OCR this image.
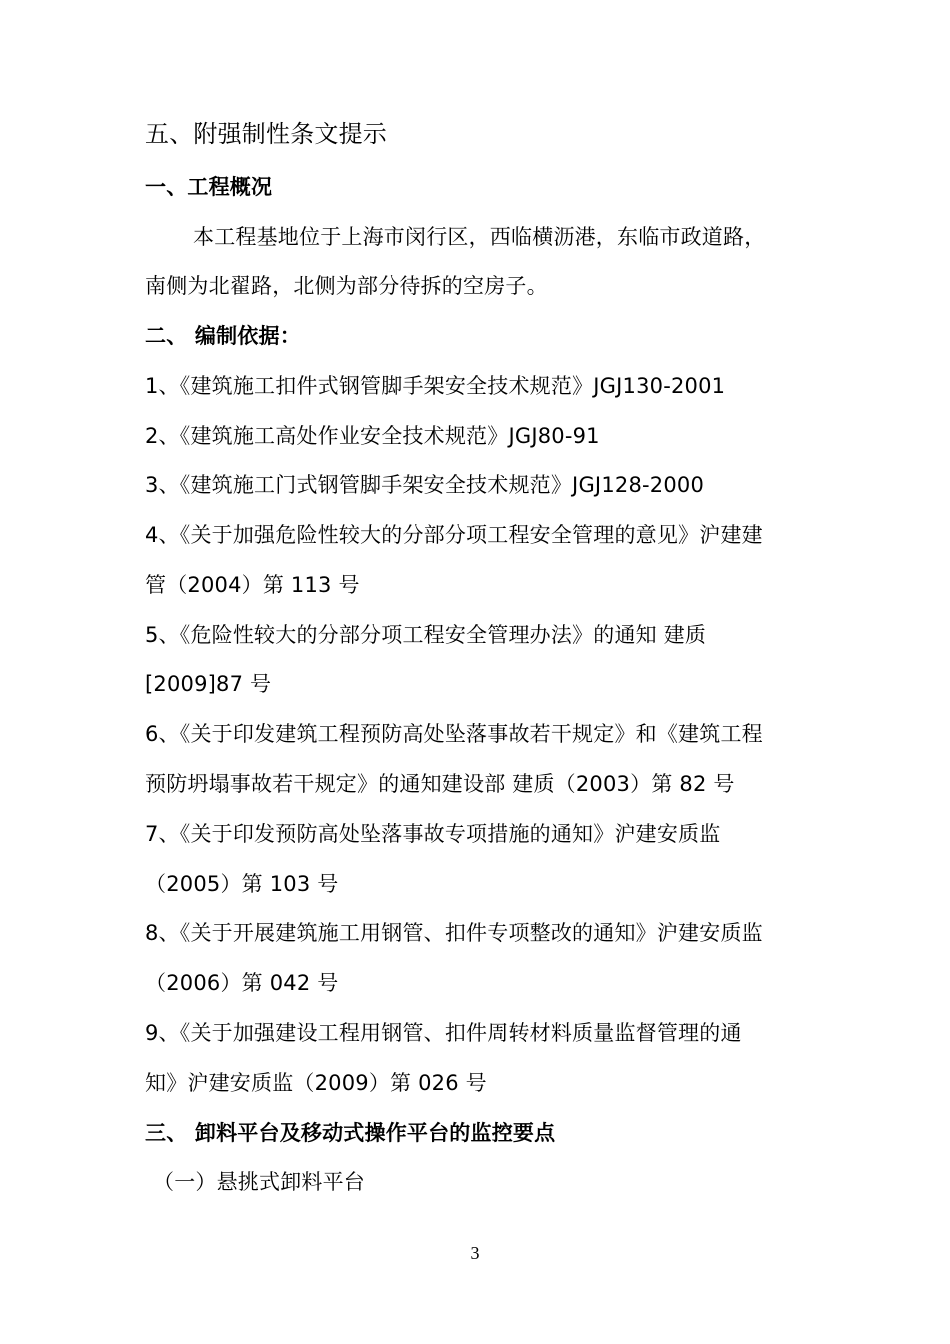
五、附强制性条文提示
一、工程概况
本工程基地位于上海市闵行区，西临横沥港，东临市政道路，
南侧为北翟路，北侧为部分待拆的空房子。
二、 编制依据：
1、《建筑施工扣件式钢管脚手架安全技术规范》JGJ130-2001
2、《建筑施工高处作业安全技术规范》JGJ80-91
3、《建筑施工门式钢管脚手架安全技术规范》JGJ128-2000
4、《关于加强危险性较大的分部分项工程安全管理的意见》沪建建
管（2004）第 113 号
5、《危险性较大的分部分项工程安全管理办法》的通知 建质
[2009]87 号
6、《关于印发建筑工程预防高处坠落事故若干规定》和《建筑工程
预防坍塌事故若干规定》的通知建设部 建质（2003）第 82 号
7、《关于印发预防高处坠落事故专项措施的通知》沪建安质监
（2005）第 103 号
8、《关于开展建筑施工用钢管、扣件专项整改的通知》沪建安质监
（2006）第 042 号
9、《关于加强建设工程用钢管、扣件周转材料质量监督管理的通
知》沪建安质监（2009）第 026 号
三、 卸料平台及移动式操作平台的监控要点
（一）悬挑式卸料平台
3
